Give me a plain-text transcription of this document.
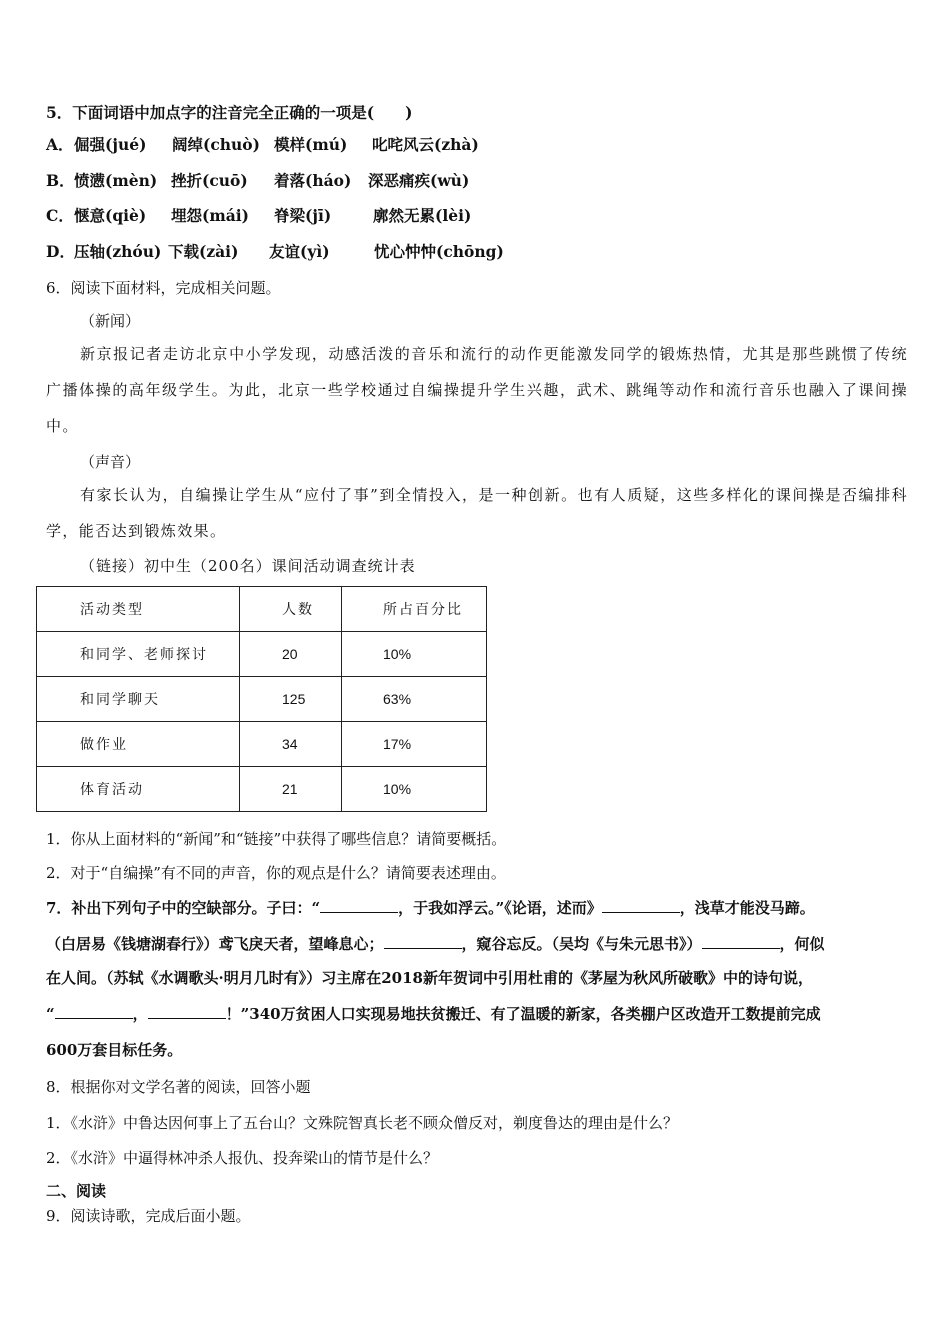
5．下面词语中加点字的注音完全正确的一项是(　　)
A． 倔强(jué) 阔绰(chuò) 模样(mú) 叱咤风云(zhà)
B． 愤懑(mèn) 挫折(cuō) 着落(háo) 深恶痛疾(wù)
C． 惬意(qiè) 埋怨(mái) 脊梁(jī)	廓然无累(lèi)
D． 压轴(zhóu) 下载(zài) 友谊(yì)	忧心忡忡(chōng)
6．阅读下面材料，完成相关问题。
（新闻）
新京报记者走访北京中小学发现，动感活泼的音乐和流行的动作更能激发同学的锻炼热情，尤其是那些跳惯了传统广播体操的高年级学生。为此，北京一些学校通过自编操提升学生兴趣，武术、跳绳等动作和流行音乐也融入了课间操中。
（声音）
有家长认为，自编操让学生从“应付了事”到全情投入，是一种创新。也有人质疑，这些多样化的课间操是否编排科学，能否达到锻炼效果。
（链接）初中生（200名）课间活动调查统计表
活动类型	人数	所占百分比
和同学、老师探讨	20	10%
和同学聊天	125	63%
做作业	34	17%
体育活动	21	10%
1．你从上面材料的“新闻”和“链接”中获得了哪些信息？请简要概括。
2．对于“自编操”有不同的声音，你的观点是什么？请简要表述理由。
7．补出下列句子中的空缺部分。子曰：“	，于我如浮云。”《论语，述而》	，浅草才能没马蹄。
（白居易《钱塘湖春行》）鸢飞戾天者，望峰息心；	，窥谷忘反。（吴均《与朱元思书》）	，何似
在人间。（苏轼《水调歌头·明月几时有》）习主席在2018新年贺词中引用杜甫的《茅屋为秋风所破歌》中的诗句说，
“	，	！”340万贫困人口实现易地扶贫搬迁、有了温暖的新家，各类棚户区改造开工数提前完成
600万套目标任务。
8．根据你对文学名著的阅读，回答小题
1．《水浒》中鲁达因何事上了五台山？文殊院智真长老不顾众僧反对，剃度鲁达的理由是什么？
2．《水浒》中逼得林冲杀人报仇、投奔梁山的情节是什么？
二、阅读
9．阅读诗歌，完成后面小题。
